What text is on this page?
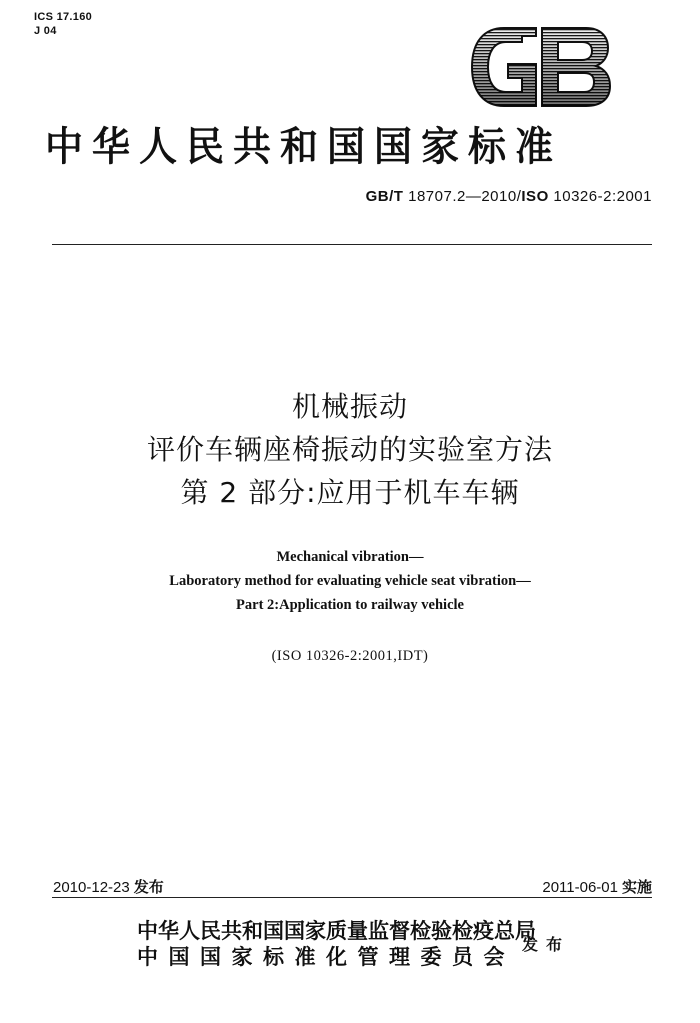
ICS 17.160
J 04
中华人民共和国国家标准
GB/T 18707.2—2010/ISO 10326-2:2001
机械振动
评价车辆座椅振动的实验室方法
第 2 部分:应用于机车车辆
Mechanical vibration—
Laboratory method for evaluating vehicle seat vibration—
Part 2:Application to railway vehicle
(ISO 10326-2:2001,IDT)
2010-12-23 发布	2011-06-01 实施
中华人民共和国国家质量监督检验检疫总局
中国国家标准化管理委员会 发布
